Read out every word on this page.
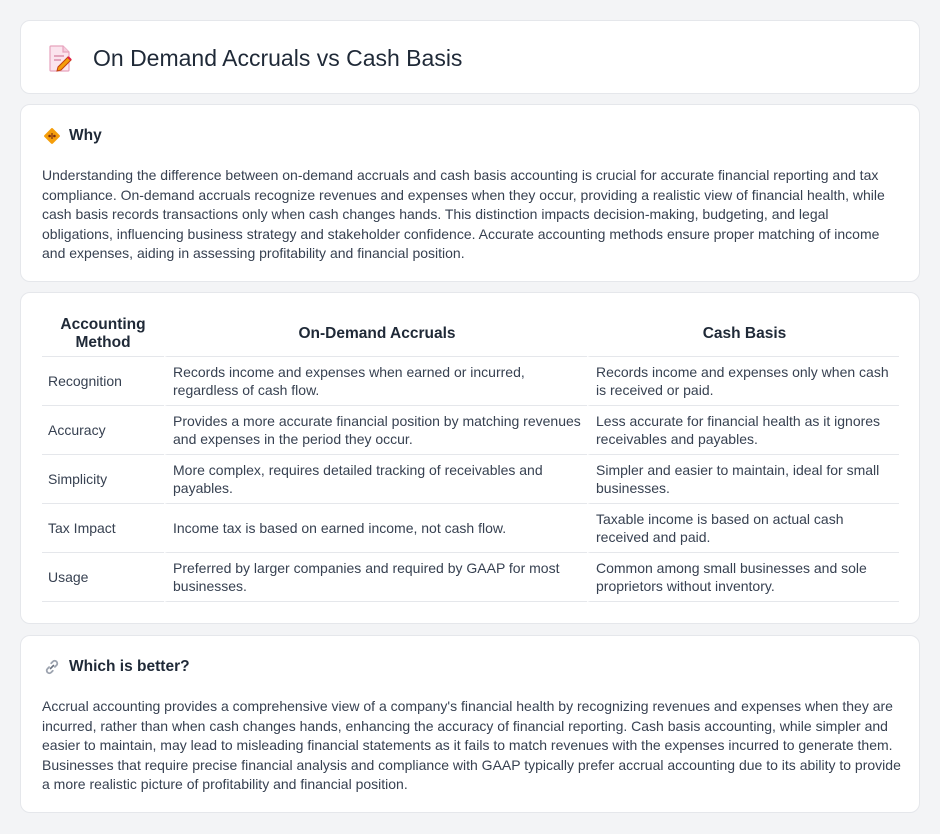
On Demand Accruals vs Cash Basis
Why

Understanding the difference between on-demand accruals and cash basis accounting is crucial for accurate financial reporting and tax compliance. On-demand accruals recognize revenues and expenses when they occur, providing a realistic view of financial health, while cash basis records transactions only when cash changes hands. This distinction impacts decision-making, budgeting, and legal obligations, influencing business strategy and stakeholder confidence. Accurate accounting methods ensure proper matching of income and expenses, aiding in assessing profitability and financial position.

Accounting Method	On-Demand Accruals	Cash Basis
Recognition	Records income and expenses when earned or incurred, regardless of cash flow.	Records income and expenses only when cash is received or paid.
Accuracy	Provides a more accurate financial position by matching revenues and expenses in the period they occur.	Less accurate for financial health as it ignores receivables and payables.
Simplicity	More complex, requires detailed tracking of receivables and payables.	Simpler and easier to maintain, ideal for small businesses.
Tax Impact	Income tax is based on earned income, not cash flow.	Taxable income is based on actual cash received and paid.
Usage	Preferred by larger companies and required by GAAP for most businesses.	Common among small businesses and sole proprietors without inventory.
Which is better?

Accrual accounting provides a comprehensive view of a company's financial health by recognizing revenues and expenses when they are incurred, rather than when cash changes hands, enhancing the accuracy of financial reporting. Cash basis accounting, while simpler and easier to maintain, may lead to misleading financial statements as it fails to match revenues with the expenses incurred to generate them. Businesses that require precise financial analysis and compliance with GAAP typically prefer accrual accounting due to its ability to provide a more realistic picture of profitability and financial position.
